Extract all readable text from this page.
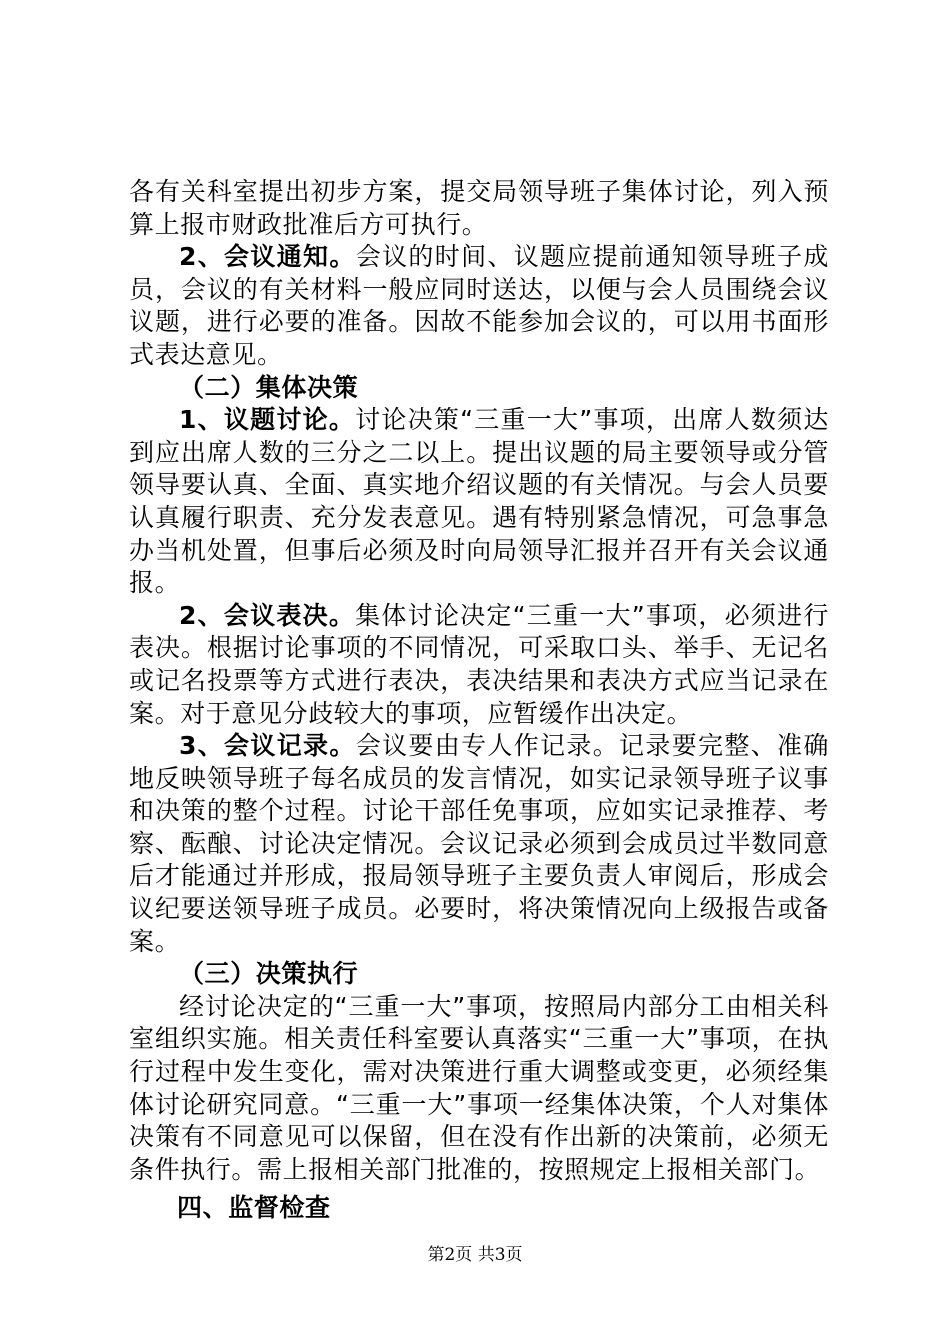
各有关科室提出初步方案，提交局领导班子集体讨论，列入预算上报市财政批准后方可执行。

2、会议通知。会议的时间、议题应提前通知领导班子成员，会议的有关材料一般应同时送达，以便与会人员围绕会议议题，进行必要的准备。因故不能参加会议的，可以用书面形式表达意见。

（二）集体决策

1、议题讨论。讨论决策“三重一大”事项，出席人数须达到应出席人数的三分之二以上。提出议题的局主要领导或分管领导要认真、全面、真实地介绍议题的有关情况。与会人员要认真履行职责、充分发表意见。遇有特别紧急情况，可急事急办当机处置，但事后必须及时向局领导汇报并召开有关会议通报。

2、会议表决。集体讨论决定“三重一大”事项，必须进行表决。根据讨论事项的不同情况，可采取口头、举手、无记名或记名投票等方式进行表决，表决结果和表决方式应当记录在案。对于意见分歧较大的事项，应暂缓作出决定。

3、会议记录。会议要由专人作记录。记录要完整、准确地反映领导班子每名成员的发言情况，如实记录领导班子议事和决策的整个过程。讨论干部任免事项，应如实记录推荐、考察、酝酿、讨论决定情况。会议记录必须到会成员过半数同意后才能通过并形成，报局领导班子主要负责人审阅后，形成会议纪要送领导班子成员。必要时，将决策情况向上级报告或备案。

（三）决策执行

经讨论决定的“三重一大”事项，按照局内部分工由相关科室组织实施。相关责任科室要认真落实“三重一大”事项，在执行过程中发生变化，需对决策进行重大调整或变更，必须经集体讨论研究同意。“三重一大”事项一经集体决策，个人对集体决策有不同意见可以保留，但在没有作出新的决策前，必须无条件执行。需上报相关部门批准的，按照规定上报相关部门。

四、监督检查

第2页 共3页
